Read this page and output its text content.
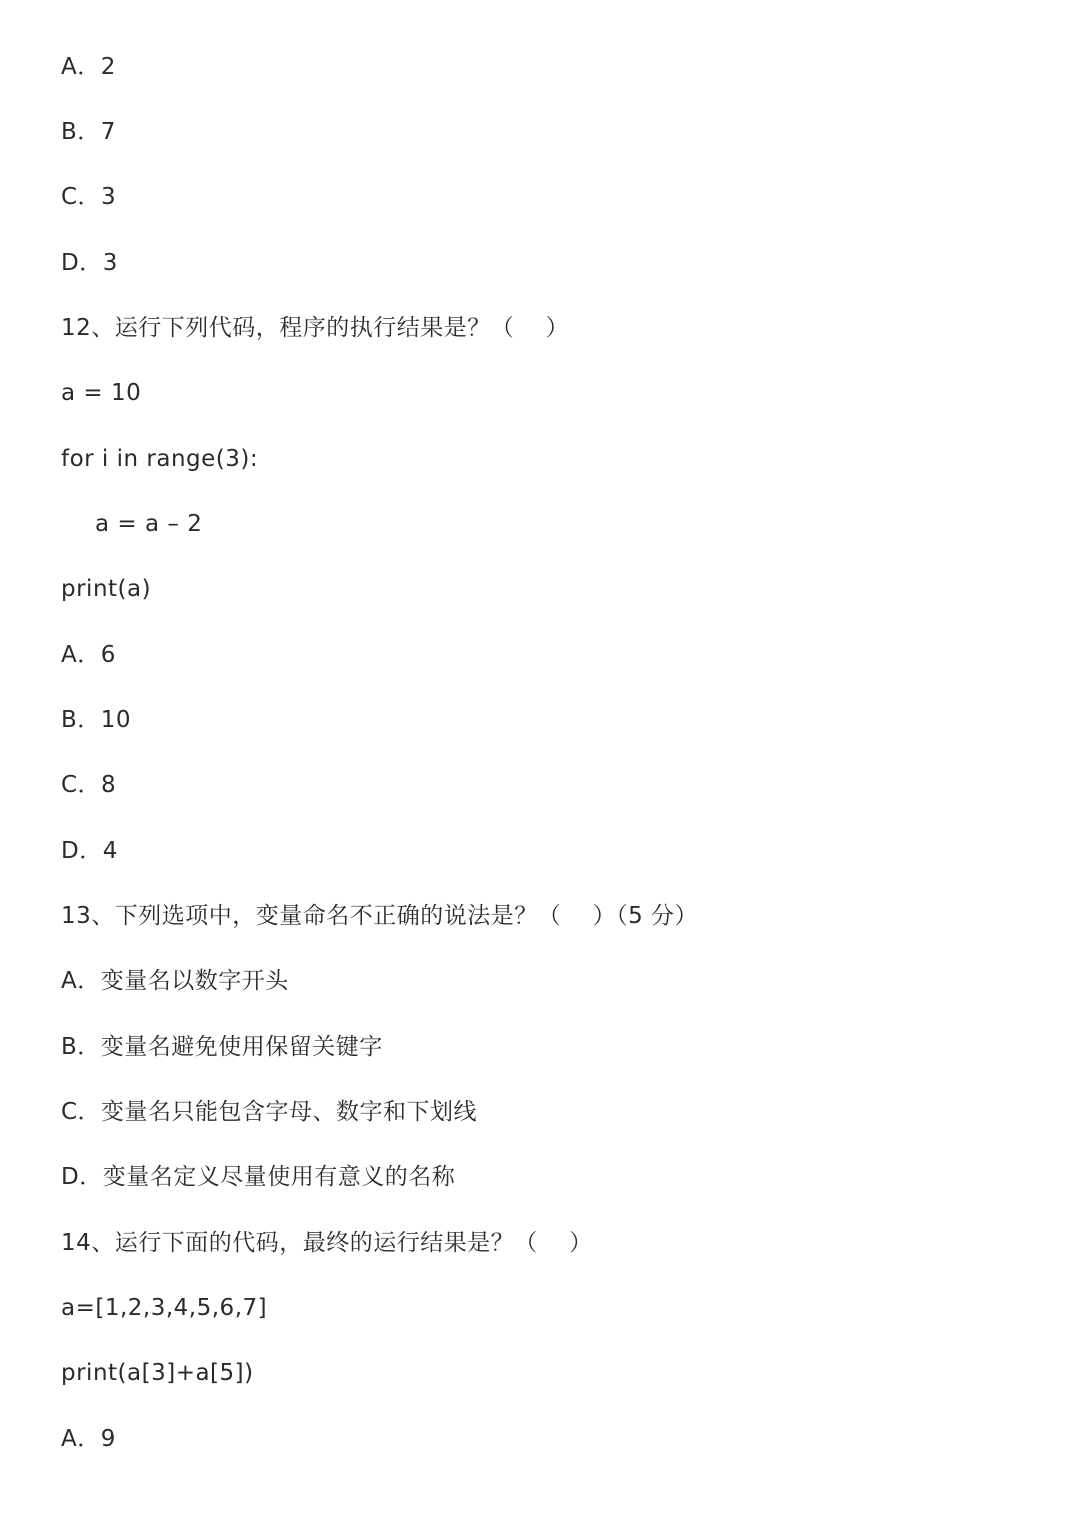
A．2
B．7
C．3
D．3
12、运行下列代码，程序的执行结果是？（　 ）
a = 10
for i in range(3):
a = a – 2
print(a)
A．6
B．10
C．8
D．4
13、下列选项中，变量命名不正确的说法是？（　 ）（5 分）
A．变量名以数字开头
B．变量名避免使用保留关键字
C．变量名只能包含字母、数字和下划线
D．变量名定义尽量使用有意义的名称
14、运行下面的代码，最终的运行结果是？（　 ）
a=[1,2,3,4,5,6,7]
print(a[3]+a[5])
A．9
